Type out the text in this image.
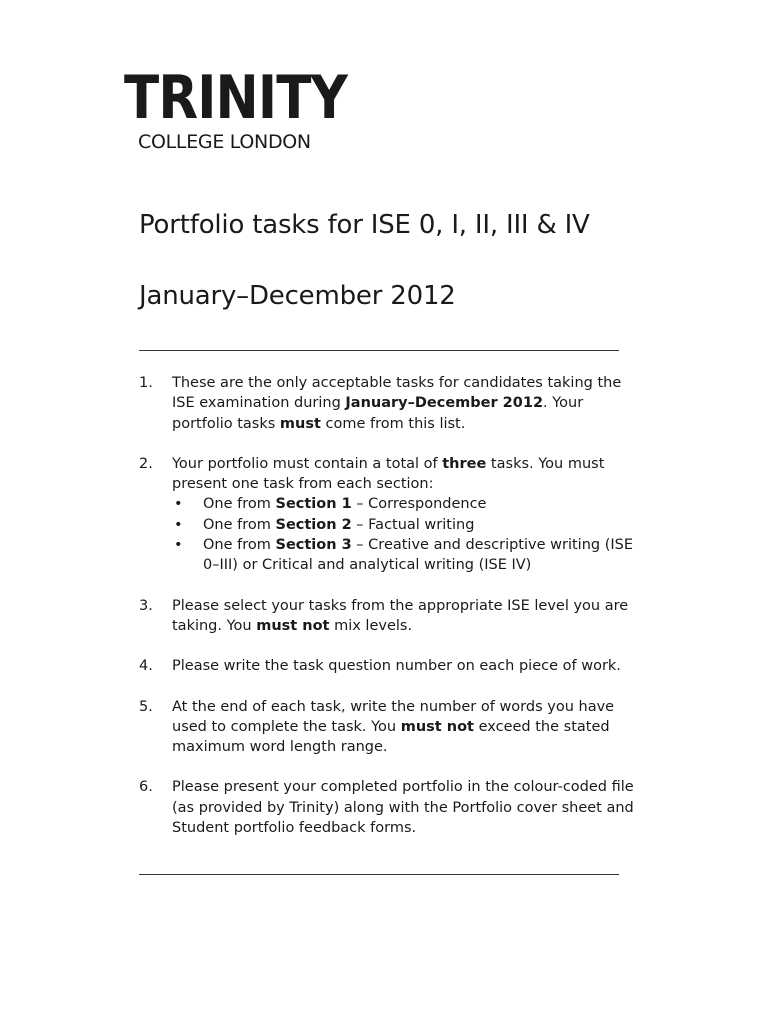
TRINITY
COLLEGE LONDON
Portfolio tasks for ISE 0, I, II, III & IV
January–December 2012
1. These are the only acceptable tasks for candidates taking the ISE examination during January–December 2012. Your portfolio tasks must come from this list.

2. Your portfolio must contain a total of three tasks. You must present one task from each section:

• One from Section 1 – Correspondence
• One from Section 2 – Factual writing
• One from Section 3 – Creative and descriptive writing (ISE 0–III) or Critical and analytical writing (ISE IV)
3. Please select your tasks from the appropriate ISE level you are taking. You must not mix levels.

4. Please write the task question number on each piece of work.

5. At the end of each task, write the number of words you have used to complete the task. You must not exceed the stated maximum word length range.

6. Please present your completed portfolio in the colour-coded file (as provided by Trinity) along with the Portfolio cover sheet and Student portfolio feedback forms.
